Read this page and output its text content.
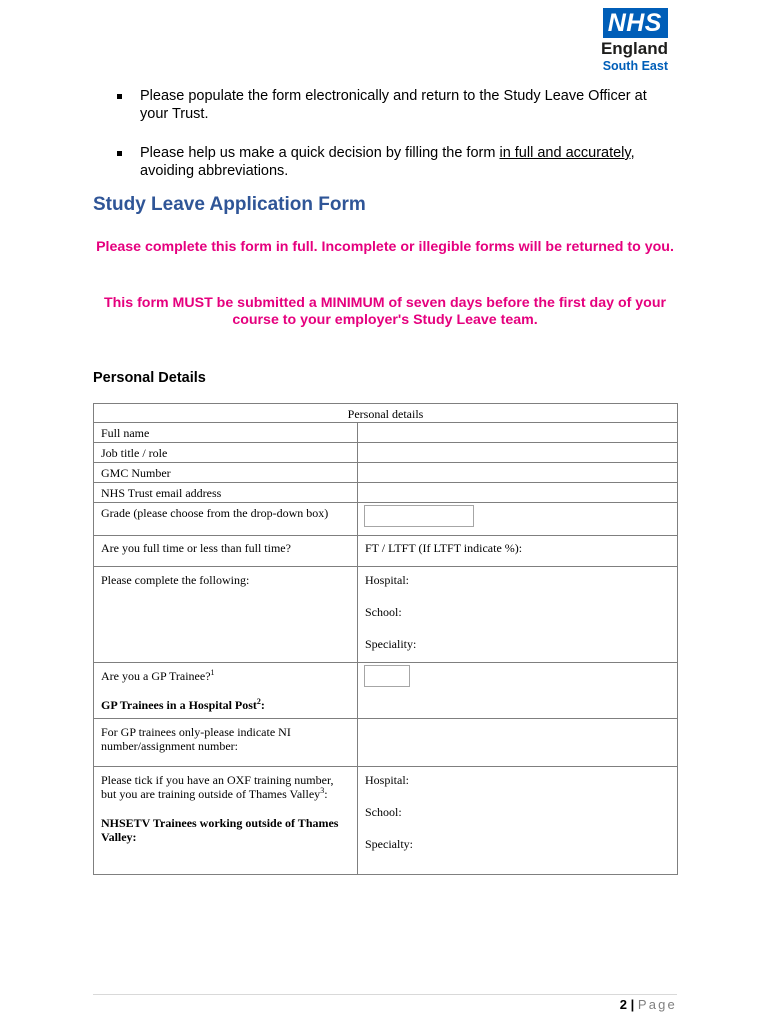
NHS
England
South East
Please populate the form electronically and return to the Study Leave Officer at your Trust.
Please help us make a quick decision by filling the form in full and accurately, avoiding abbreviations.
Study Leave Application Form

Please complete this form in full. Incomplete or illegible forms will be returned to you.

This form MUST be submitted a MINIMUM of seven days before the first day of your course to your employer's Study Leave team.

Personal Details
Personal details	
Full name	
Job title / role	
GMC Number	
NHS Trust email address	
Grade (please choose from the drop-down box)	
Are you full time or less than full time?	FT / LTFT (If LTFT indicate %):
Please complete the following:	Hospital:
School:
Speciality:
Are you a GP Trainee?$^1$
GP Trainees in a Hospital Post$^2$:	
For GP trainees only-please indicate NI number/assignment number:	
Please tick if you have an OXF training number, but you are training outside of Thames Valley$^3$:
NHSETV Trainees working outside of Thames Valley:	Hospital:
School:
Specialty:
2 | Page
